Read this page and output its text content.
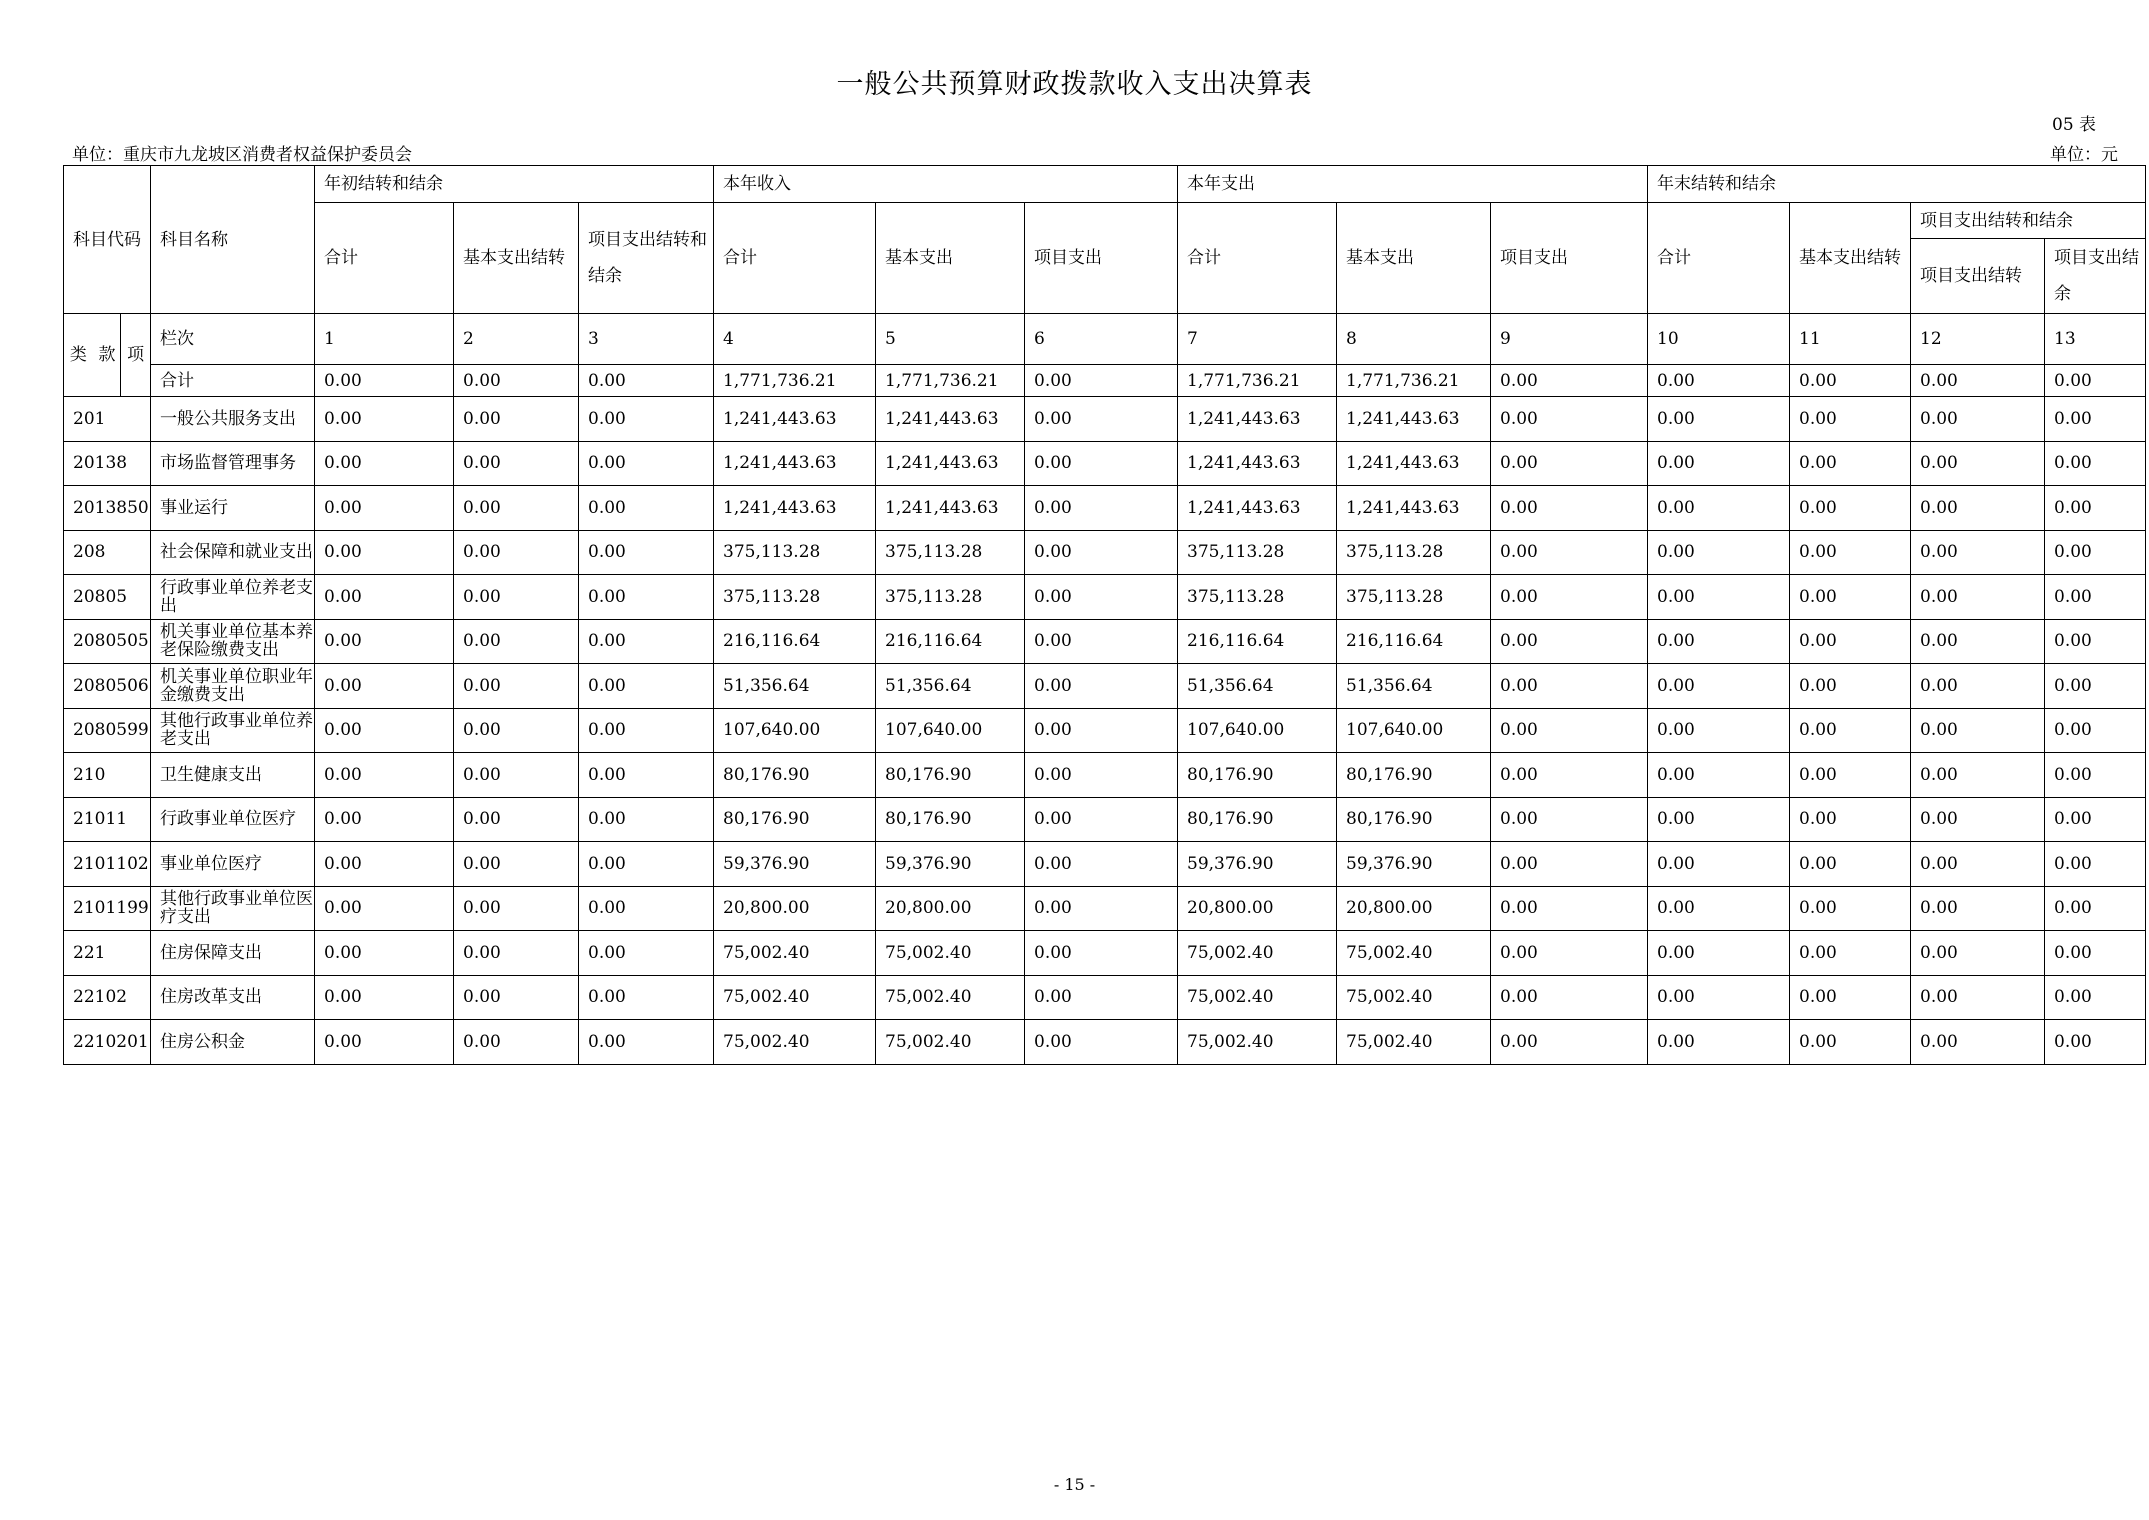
一般公共预算财政拨款收入支出决算表
05 表
单位：重庆市九龙坡区消费者权益保护委员会	单位：元
科目代码	科目名称	年初结转和结余			本年收入			本年支出			年末结转和结余			
		合计	基本支出结转	项目支出结转和结余	合计	基本支出	项目支出	合计	基本支出	项目支出	合计	基本支出结转	项目支出结转和结余	
													项目支出结转	项目支出结余

类 款 项	栏次	1	2	3	4	5	6	7	8	9	10	11	12	13
	合计	0.00	0.00	0.00	1,771,736.21	1,771,736.21	0.00	1,771,736.21	1,771,736.21	0.00	0.00	0.00	0.00	0.00
201	一般公共服务支出	0.00	0.00	0.00	1,241,443.63	1,241,443.63	0.00	1,241,443.63	1,241,443.63	0.00	0.00	0.00	0.00	0.00
20138	市场监督管理事务	0.00	0.00	0.00	1,241,443.63	1,241,443.63	0.00	1,241,443.63	1,241,443.63	0.00	0.00	0.00	0.00	0.00
2013850	事业运行	0.00	0.00	0.00	1,241,443.63	1,241,443.63	0.00	1,241,443.63	1,241,443.63	0.00	0.00	0.00	0.00	0.00
208	社会保障和就业支出	0.00	0.00	0.00	375,113.28	375,113.28	0.00	375,113.28	375,113.28	0.00	0.00	0.00	0.00	0.00
20805	行政事业单位养老支出	0.00	0.00	0.00	375,113.28	375,113.28	0.00	375,113.28	375,113.28	0.00	0.00	0.00	0.00	0.00
2080505	机关事业单位基本养老保险缴费支出	0.00	0.00	0.00	216,116.64	216,116.64	0.00	216,116.64	216,116.64	0.00	0.00	0.00	0.00	0.00
2080506	机关事业单位职业年金缴费支出	0.00	0.00	0.00	51,356.64	51,356.64	0.00	51,356.64	51,356.64	0.00	0.00	0.00	0.00	0.00
2080599	其他行政事业单位养老支出	0.00	0.00	0.00	107,640.00	107,640.00	0.00	107,640.00	107,640.00	0.00	0.00	0.00	0.00	0.00
210	卫生健康支出	0.00	0.00	0.00	80,176.90	80,176.90	0.00	80,176.90	80,176.90	0.00	0.00	0.00	0.00	0.00
21011	行政事业单位医疗	0.00	0.00	0.00	80,176.90	80,176.90	0.00	80,176.90	80,176.90	0.00	0.00	0.00	0.00	0.00
2101102	事业单位医疗	0.00	0.00	0.00	59,376.90	59,376.90	0.00	59,376.90	59,376.90	0.00	0.00	0.00	0.00	0.00
2101199	其他行政事业单位医疗支出	0.00	0.00	0.00	20,800.00	20,800.00	0.00	20,800.00	20,800.00	0.00	0.00	0.00	0.00	0.00
221	住房保障支出	0.00	0.00	0.00	75,002.40	75,002.40	0.00	75,002.40	75,002.40	0.00	0.00	0.00	0.00	0.00
22102	住房改革支出	0.00	0.00	0.00	75,002.40	75,002.40	0.00	75,002.40	75,002.40	0.00	0.00	0.00	0.00	0.00
2210201	住房公积金	0.00	0.00	0.00	75,002.40	75,002.40	0.00	75,002.40	75,002.40	0.00	0.00	0.00	0.00	0.00
- 15 -
